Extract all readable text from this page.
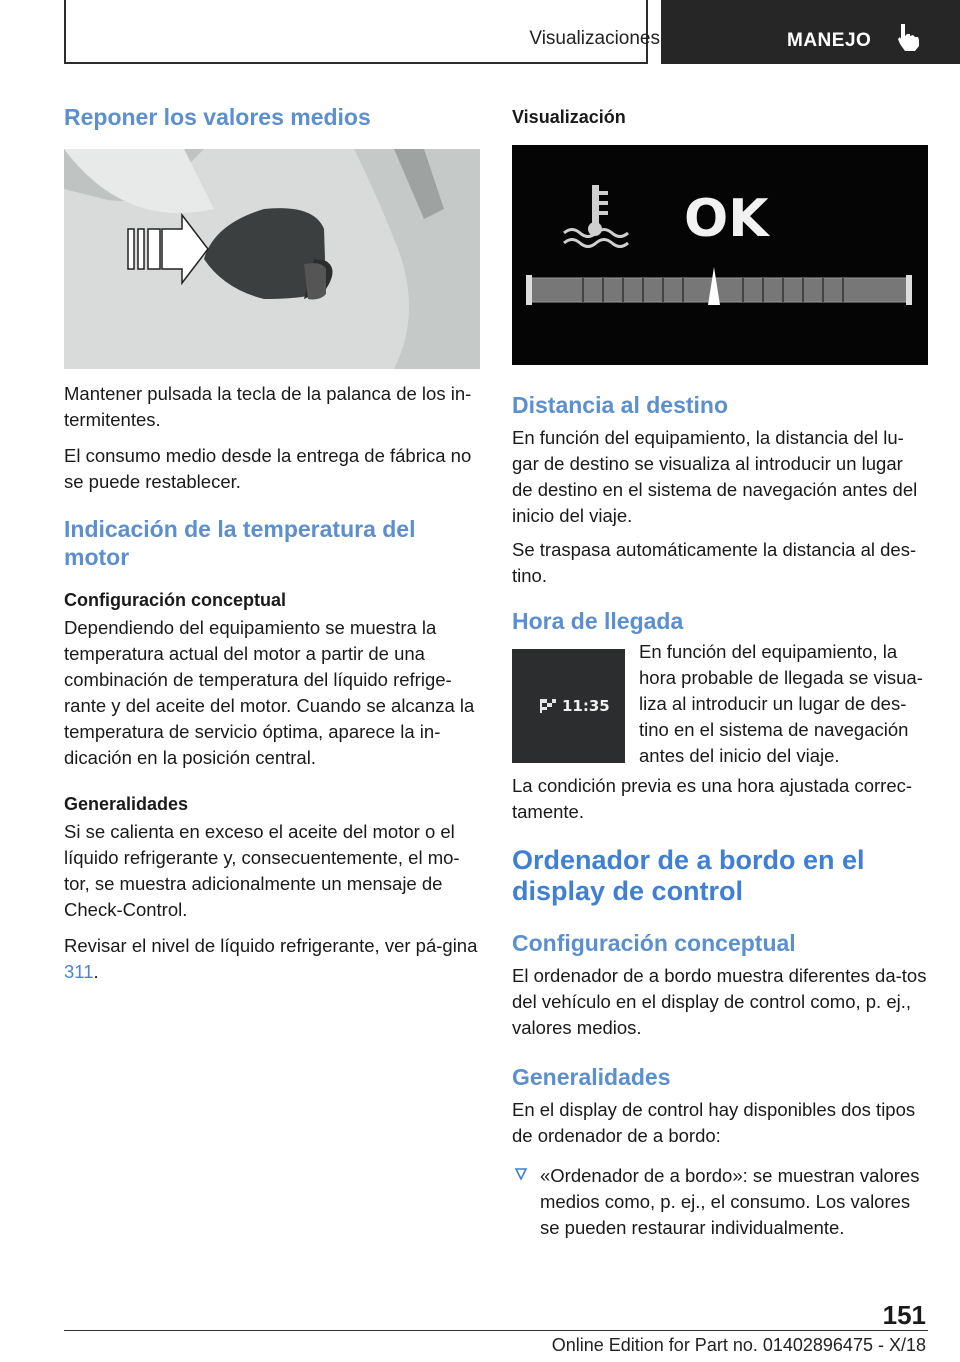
Visualizaciones	MANEJO
Reponer los valores medios

Mantener pulsada la tecla de la palanca de los in-termitentes.

El consumo medio desde la entrega de fábrica no se puede restablecer.

Indicación de la temperatura del motor
Configuración conceptual

Dependiendo del equipamiento se muestra la temperatura actual del motor a partir de una combinación de temperatura del líquido refrige-rante y del aceite del motor. Cuando se alcanza la temperatura de servicio óptima, aparece la in-dicación en la posición central.

Generalidades

Si se calienta en exceso el aceite del motor o el líquido refrigerante y, consecuentemente, el mo-tor, se muestra adicionalmente un mensaje de Check-Control.

Revisar el nivel de líquido refrigerante, ver pá-gina 311.

Visualización
OK
Distancia al destino

En función del equipamiento, la distancia del lu-gar de destino se visualiza al introducir un lugar de destino en el sistema de navegación antes del inicio del viaje.

Se traspasa automáticamente la distancia al des-tino.

Hora de llegada
11:35

En función del equipamiento, la hora probable de llegada se visua-liza al introducir un lugar de des-tino en el sistema de navegación antes del inicio del viaje.

La condición previa es una hora ajustada correc-tamente.

Ordenador de a bordo en el display de control
Configuración conceptual

El ordenador de a bordo muestra diferentes da-tos del vehículo en el display de control como, p. ej., valores medios.

Generalidades

En el display de control hay disponibles dos tipos de ordenador de a bordo:

«Ordenador de a bordo»: se muestran valores medios como, p. ej., el consumo. Los valores se pueden restaurar individualmente.

151
Online Edition for Part no. 01402896475 - X/18
